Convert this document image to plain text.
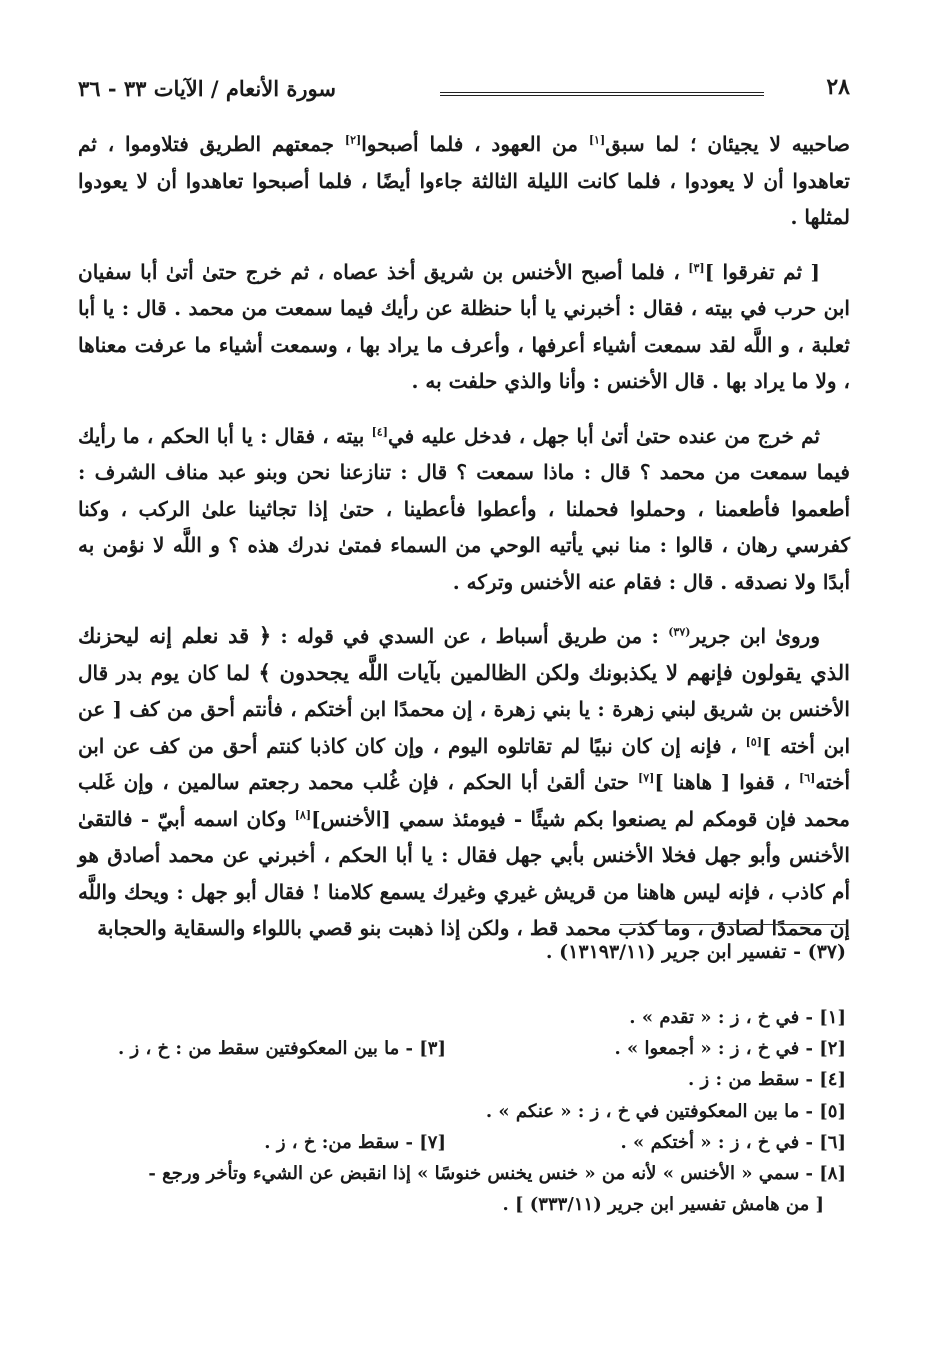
٢٨
سورة الأنعام / الآيات ٣٣ - ٣٦

صاحبيه لا يجيئان ؛ لما سبق[١] من العهود ، فلما أصبحوا[٢] جمعتهم الطريق فتلاوموا ، ثم تعاهدوا أن لا يعودوا ، فلما كانت الليلة الثالثة جاءوا أيضًا ، فلما أصبحوا تعاهدوا أن لا يعودوا لمثلها .

[ ثم تفرقوا ][٣] ، فلما أصبح الأخنس بن شريق أخذ عصاه ، ثم خرج حتىٰ أتىٰ أبا سفيان ابن حرب في بيته ، فقال : أخبرني يا أبا حنظلة عن رأيك فيما سمعت من محمد . قال : يا أبا ثعلبة ، و اللَّه لقد سمعت أشياء أعرفها ، وأعرف ما يراد بها ، وسمعت أشياء ما عرفت معناها ، ولا ما يراد بها . قال الأخنس : وأنا والذي حلفت به .

ثم خرج من عنده حتىٰ أتىٰ أبا جهل ، فدخل عليه في[٤] بيته ، فقال : يا أبا الحكم ، ما رأيك فيما سمعت من محمد ؟ قال : ماذا سمعت ؟ قال : تنازعنا نحن وبنو عبد مناف الشرف : أطعموا فأطعمنا ، وحملوا فحملنا ، وأعطوا فأعطينا ، حتىٰ إذا تجاثينا علىٰ الركب ، وكنا كفرسي رهان ، قالوا : منا نبي يأتيه الوحي من السماء فمتىٰ ندرك هذه ؟ و اللَّه لا نؤمن به أبدًا ولا نصدقه . قال : فقام عنه الأخنس وتركه .

وروىٰ ابن جرير$^{(٣٧)}$ : من طريق أسباط ، عن السدي في قوله : ﴿ قد نعلم إنه ليحزنك الذي يقولون فإنهم لا يكذبونك ولكن الظالمين بآيات اللَّه يجحدون ﴾ لما كان يوم بدر قال الأخنس بن شريق لبني زهرة : يا بني زهرة ، إن محمدًا ابن أختكم ، فأنتم أحق من كف [ عن ابن أخته ][٥] ، فإنه إن كان نبيًا لم تقاتلوه اليوم ، وإن كان كاذبا كنتم أحق من كف عن ابن أخته[٦] ، قفوا [ هاهنا ][٧] حتىٰ ألقىٰ أبا الحكم ، فإن غُلب محمد رجعتم سالمين ، وإن غَلب محمد فإن قومكم لم يصنعوا بكم شيئًا - فيومئذ سمي [الأخنس][٨] وكان اسمه أبيّ - فالتقىٰ الأخنس وأبو جهل فخلا الأخنس بأبي جهل فقال : يا أبا الحكم ، أخبرني عن محمد أصادق هو أم كاذب ، فإنه ليس هاهنا من قريش غيري وغيرك يسمع كلامنا ! فقال أبو جهل : ويحك واللَّه إن محمدًا لصادق ، وما كذب محمد قط ، ولكن إذا ذهبت بنو قصي باللواء والسقاية والحجابة

(٣٧) - تفسير ابن جرير (١٣١٩٣/١١) .
[١] - في خ ، ز : « تقدم » .
[٢] - في خ ، ز : « أجمعوا » .
[٣] - ما بين المعكوفتين سقط من : خ ، ز .
[٤] - سقط من : ز .
[٥] - ما بين المعكوفتين في خ ، ز : « عنكم » .
[٦] - في خ ، ز : « أختكم » .
[٧] - سقط من: خ ، ز .
[٨] - سمي « الأخنس » لأنه من « خنس يخنس خنوسًا » إذا انقبض عن الشيء وتأخر ورجع -
[ من هامش تفسير ابن جرير (٣٣٣/١١) ] .
